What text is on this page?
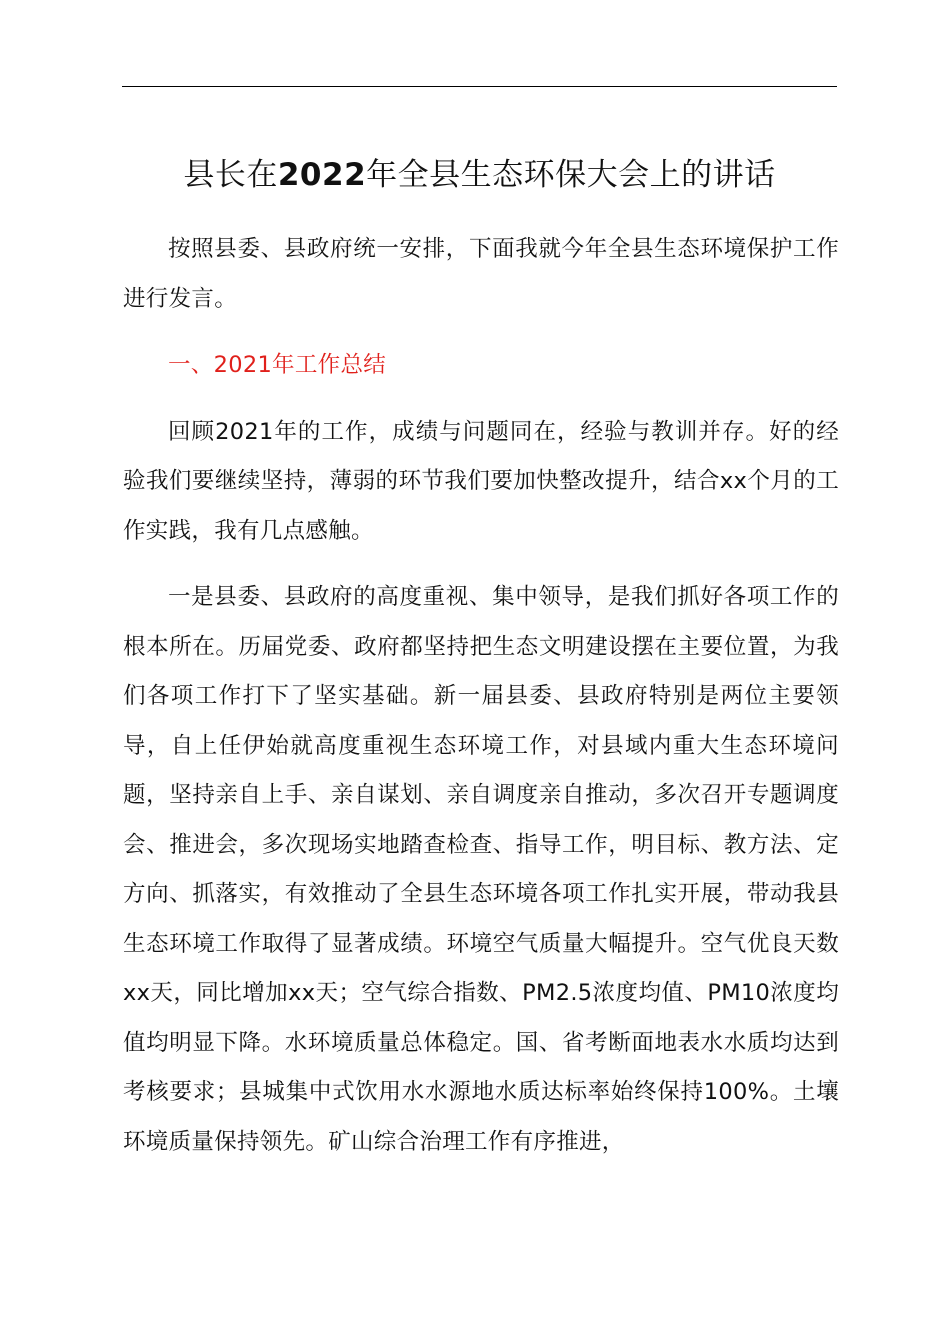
县长在2022年全县生态环保大会上的讲话

按照县委、县政府统一安排，下面我就今年全县生态环境保护工作进行发言。

一、2021年工作总结

回顾2021年的工作，成绩与问题同在，经验与教训并存。好的经验我们要继续坚持，薄弱的环节我们要加快整改提升，结合xx个月的工作实践，我有几点感触。

一是县委、县政府的高度重视、集中领导，是我们抓好各项工作的根本所在。历届党委、政府都坚持把生态文明建设摆在主要位置，为我们各项工作打下了坚实基础。新一届县委、县政府特别是两位主要领导，自上任伊始就高度重视生态环境工作，对县域内重大生态环境问题，坚持亲自上手、亲自谋划、亲自调度亲自推动，多次召开专题调度会、推进会，多次现场实地踏查检查、指导工作，明目标、教方法、定方向、抓落实，有效推动了全县生态环境各项工作扎实开展，带动我县生态环境工作取得了显著成绩。环境空气质量大幅提升。空气优良天数xx天，同比增加xx天；空气综合指数、PM2.5浓度均值、PM10浓度均值均明显下降。水环境质量总体稳定。国、省考断面地表水水质均达到考核要求；县城集中式饮用水水源地水质达标率始终保持100%。土壤环境质量保持领先。矿山综合治理工作有序推进，
